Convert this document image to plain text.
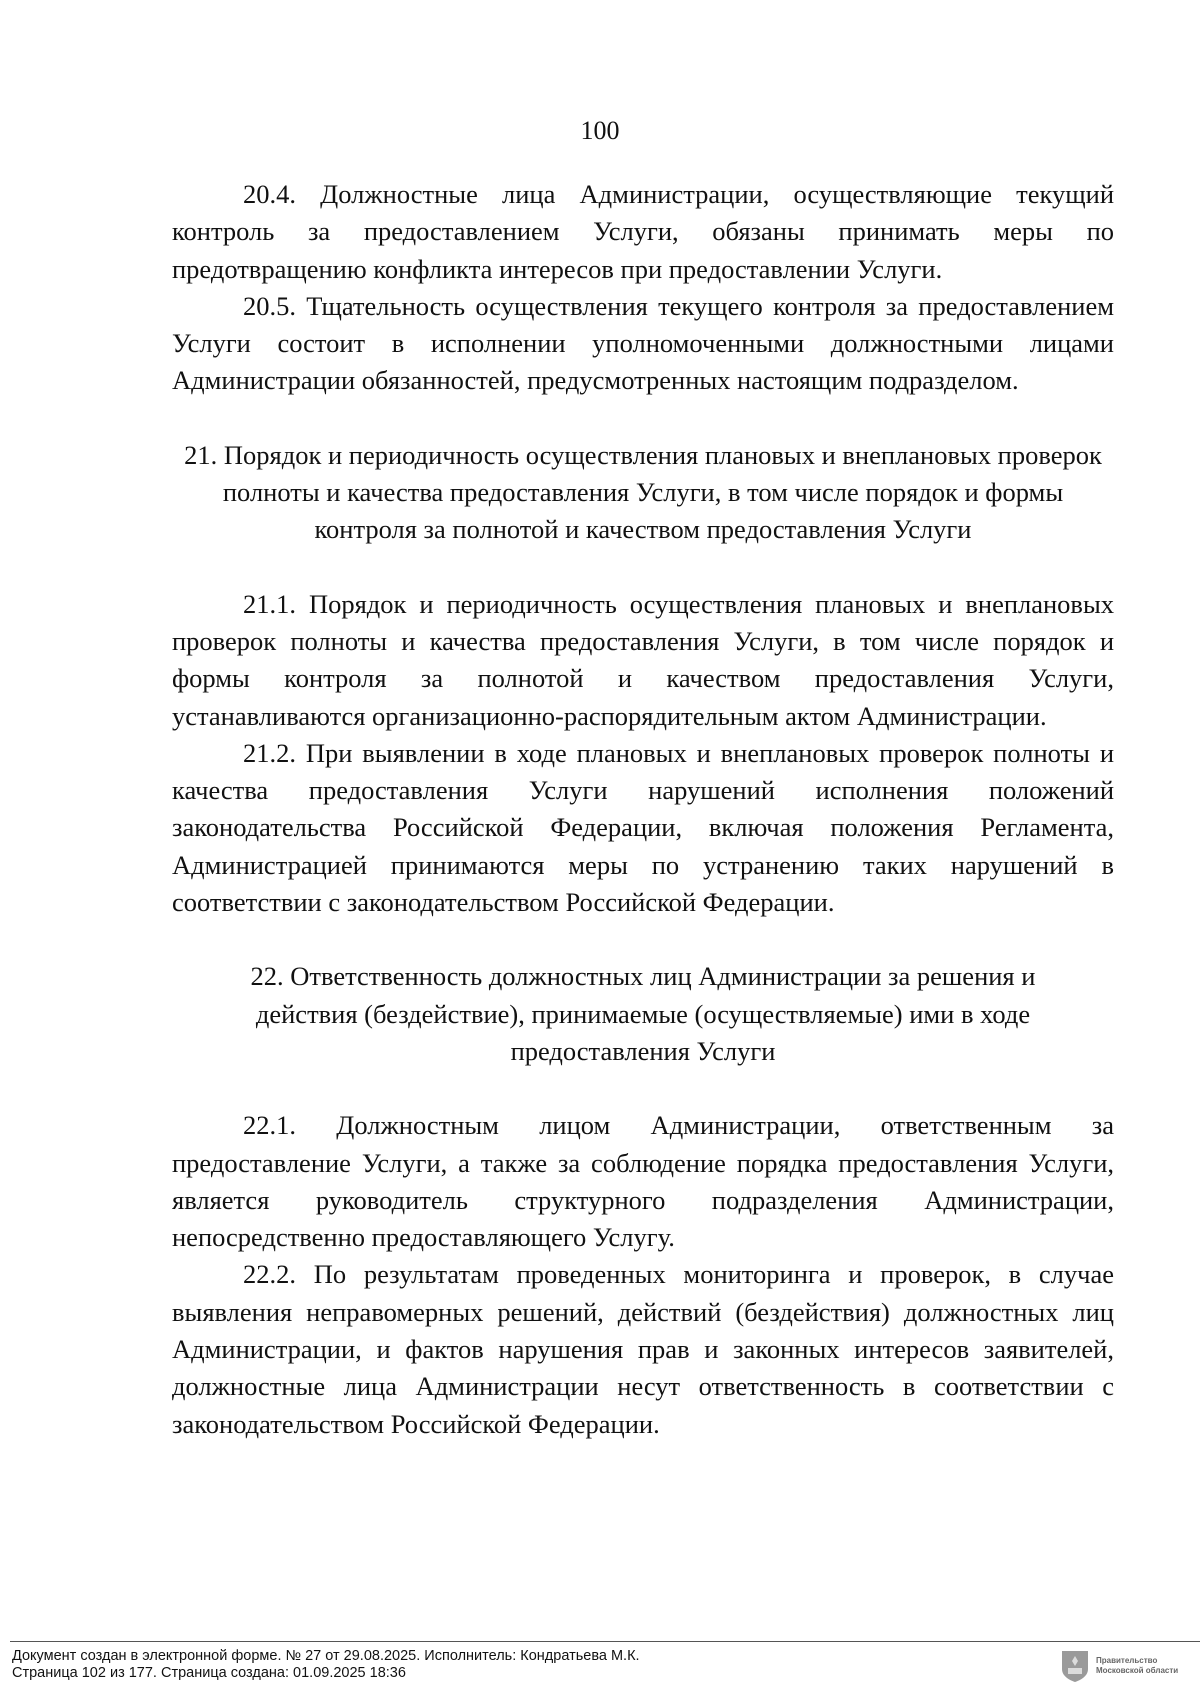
100

20.4. Должностные лица Администрации, осуществляющие текущий контроль за предоставлением Услуги, обязаны принимать меры по предотвращению конфликта интересов при предоставлении Услуги.

20.5. Тщательность осуществления текущего контроля за предоставлением Услуги состоит в исполнении уполномоченными должностными лицами Администрации обязанностей, предусмотренных настоящим подразделом.

21. Порядок и периодичность осуществления плановых и внеплановых проверок полноты и качества предоставления Услуги, в том числе порядок и формы контроля за полнотой и качеством предоставления Услуги

21.1. Порядок и периодичность осуществления плановых и внеплановых проверок полноты и качества предоставления Услуги, в том числе порядок и формы контроля за полнотой и качеством предоставления Услуги, устанавливаются организационно-распорядительным актом Администрации.

21.2. При выявлении в ходе плановых и внеплановых проверок полноты и качества предоставления Услуги нарушений исполнения положений законодательства Российской Федерации, включая положения Регламента, Администрацией принимаются меры по устранению таких нарушений в соответствии с законодательством Российской Федерации.

22. Ответственность должностных лиц Администрации за решения и
действия (бездействие), принимаемые (осуществляемые) ими в ходе
предоставления Услуги

22.1. Должностным лицом Администрации, ответственным за предоставление Услуги, а также за соблюдение порядка предоставления Услуги, является руководитель структурного подразделения Администрации, непосредственно предоставляющего Услугу.

22.2. По результатам проведенных мониторинга и проверок, в случае выявления неправомерных решений, действий (бездействия) должностных лиц Администрации, и фактов нарушения прав и законных интересов заявителей, должностные лица Администрации несут ответственность в соответствии с законодательством Российской Федерации.

Документ создан в электронной форме. № 27 от 29.08.2025. Исполнитель: Кондратьева М.К.
Страница 102 из 177. Страница создана: 01.09.2025 18:36
Правительство
Московской области
